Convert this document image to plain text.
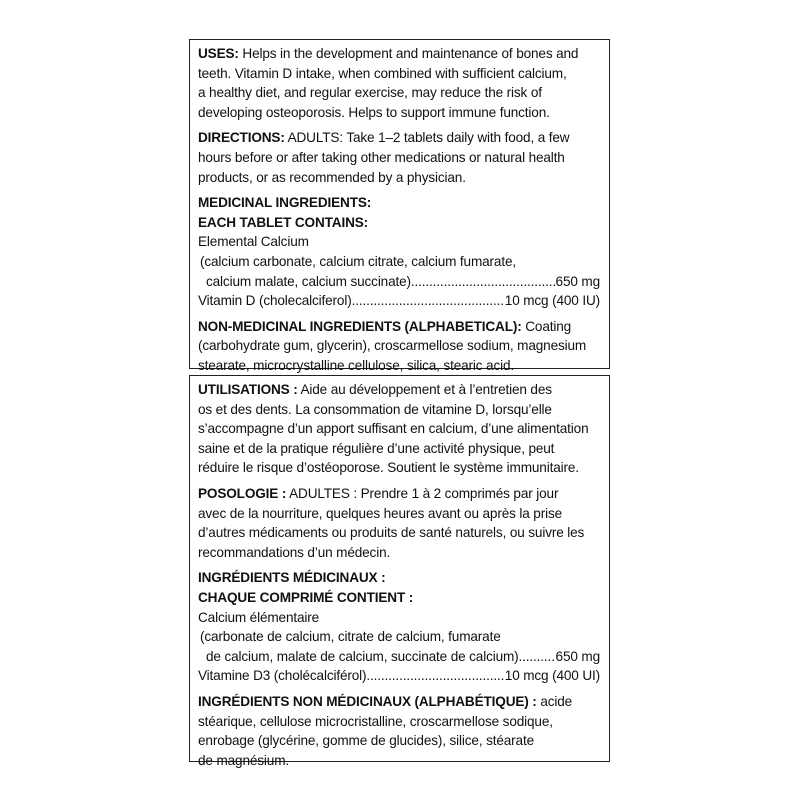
USES: Helps in the development and maintenance of bones and
teeth. Vitamin D intake, when combined with sufficient calcium,
a healthy diet, and regular exercise, may reduce the risk of
developing osteoporosis. Helps to support immune function.
DIRECTIONS: ADULTS: Take 1–2 tablets daily with food, a few
hours before or after taking other medications or natural health
products, or as recommended by a physician.
MEDICINAL INGREDIENTS:
EACH TABLET CONTAINS:
Elemental Calcium
(calcium carbonate, calcium citrate, calcium fumarate,
calcium malate, calcium succinate) .....	650 mg
Vitamin D (cholecalciferol) .....	10 mcg (400 IU)
NON-MEDICINAL INGREDIENTS (ALPHABETICAL): Coating
(carbohydrate gum, glycerin), croscarmellose sodium, magnesium
stearate, microcrystalline cellulose, silica, stearic acid.
UTILISATIONS : Aide au développement et à l’entretien des
os et des dents. La consommation de vitamine D, lorsqu’elle
s’accompagne d’un apport suffisant en calcium, d’une alimentation
saine et de la pratique régulière d’une activité physique, peut
réduire le risque d’ostéoporose. Soutient le système immunitaire.
POSOLOGIE : ADULTES : Prendre 1 à 2 comprimés par jour
avec de la nourriture, quelques heures avant ou après la prise
d’autres médicaments ou produits de santé naturels, ou suivre les
recommandations d’un médecin.
INGRÉDIENTS MÉDICINAUX :
CHAQUE COMPRIMÉ CONTIENT :
Calcium élémentaire
(carbonate de calcium, citrate de calcium, fumarate
de calcium, malate de calcium, succinate de calcium) .....	650 mg
Vitamine D3 (cholécalciférol) .....	10 mcg (400 UI)
INGRÉDIENTS NON MÉDICINAUX (ALPHABÉTIQUE) : acide
stéarique, cellulose microcristalline, croscarmellose sodique,
enrobage (glycérine, gomme de glucides), silice, stéarate
de magnésium.
